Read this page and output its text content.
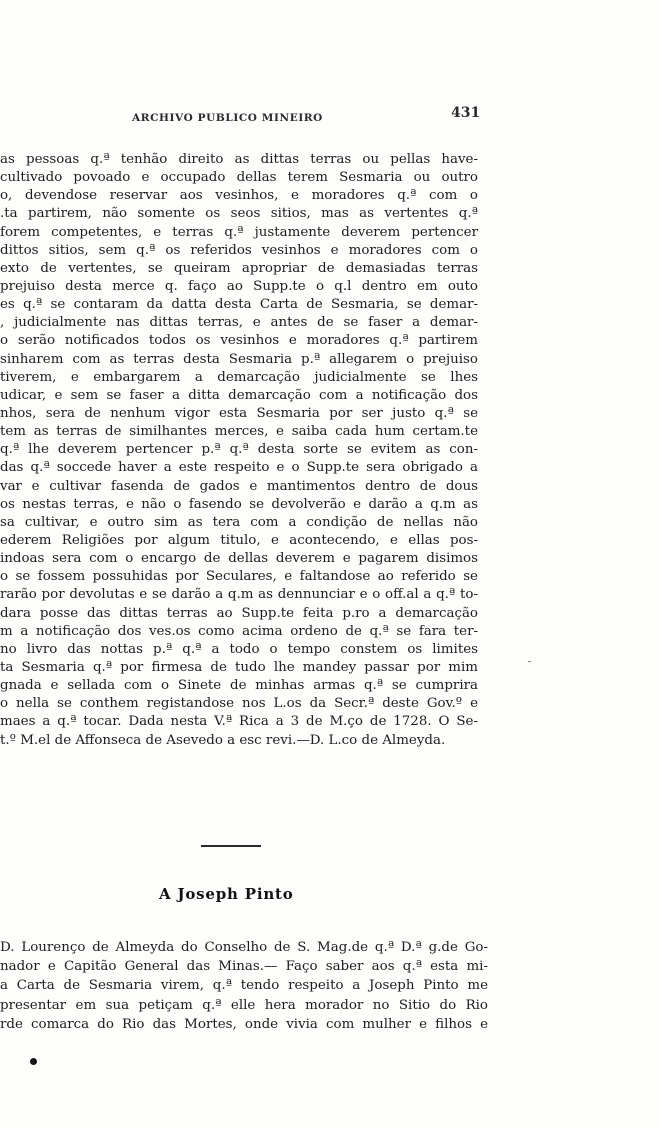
ARCHIVO PUBLICO MINEIRO	431
as pessoas q.ª tenhão direito as dittas terras ou pellas have-
cultivado povoado e occupado dellas terem Sesmaria ou outro
o, devendose reservar aos vesinhos, e moradores q.ª com o
.ta partirem, não somente os seos sitios, mas as vertentes q.ª
forem competentes, e terras q.ª justamente deverem pertencer
dittos sitios, sem q.ª os referidos vesinhos e moradores com o
exto de vertentes, se queiram apropriar de demasiadas terras
prejuiso desta merce q. faço ao Supp.te o q.l dentro em outo
es q.ª se contaram da datta desta Carta de Sesmaria, se demar-
, judicialmente nas dittas terras, e antes de se faser a demar-
o serão notificados todos os vesinhos e moradores q.ª partirem
sinharem com as terras desta Sesmaria p.ª allegarem o prejuiso
tiverem, e embargarem a demarcação judicialmente se lhes
udicar, e sem se faser a ditta demarcação com a notificação dos
nhos, sera de nenhum vigor esta Sesmaria por ser justo q.ª se
tem as terras de similhantes merces, e saiba cada hum certam.te
q.ª lhe deverem pertencer p.ª q.ª desta sorte se evitem as con-
das q.ª soccede haver a este respeito e o Supp.te sera obrigado a
var e cultivar fasenda de gados e mantimentos dentro de dous
os nestas terras, e não o fasendo se devolverão e darão a q.m as
sa cultivar, e outro sim as tera com a condição de nellas não
ederem Religiões por algum titulo, e acontecendo, e ellas pos-
indoas sera com o encargo de dellas deverem e pagarem disimos
o se fossem possuhidas por Seculares, e faltandose ao referido se
rarão por devolutas e se darão a q.m as dennunciar e o off.al a q.ª to-
dara posse das dittas terras ao Supp.te feita p.ro a demarcação
m a notificação dos ves.os como acima ordeno de q.ª se fara ter-
no livro das nottas p.ª q.ª a todo o tempo constem os limites
ta Sesmaria q.ª por firmesa de tudo lhe mandey passar por mim
gnada e sellada com o Sinete de minhas armas q.ª se cumprira
o nella se conthem registandose nos L.os da Secr.ª deste Gov.º e
maes a q.ª tocar. Dada nesta V.ª Rica a 3 de M.ço de 1728. O Se-
t.º M.el de Affonseca de Asevedo a esc revi.—D. L.co de Almeyda.
A Joseph Pinto
D. Lourenço de Almeyda do Conselho de S. Mag.de q.ª D.ª g.de Go-
nador e Capitão General das Minas.— Faço saber aos q.ª esta mi-
a Carta de Sesmaria virem, q.ª tendo respeito a Joseph Pinto me
presentar em sua petiçam q.ª elle hera morador no Sitio do Rio
rde comarca do Rio das Mortes, onde vivia com mulher e filhos e
